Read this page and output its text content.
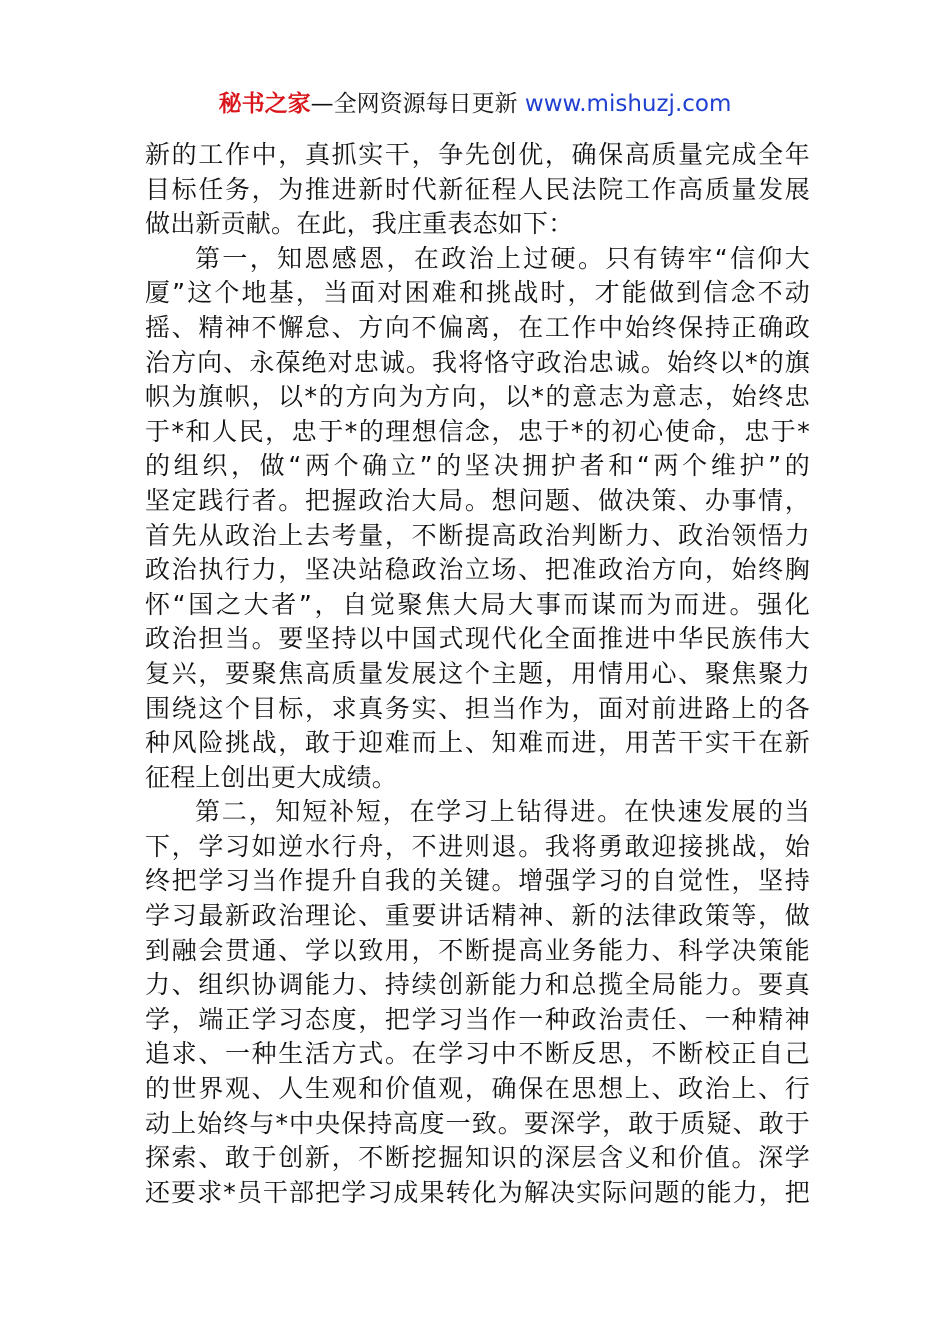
秘书之家—全网资源每日更新 www.mishuzj.com
新的工作中，真抓实干，争先创优，确保高质量完成全年
目标任务，为推进新时代新征程人民法院工作高质量发展
做出新贡献。在此，我庄重表态如下：
第一，知恩感恩，在政治上过硬。只有铸牢“信仰大
厦”这个地基，当面对困难和挑战时，才能做到信念不动
摇、精神不懈怠、方向不偏离，在工作中始终保持正确政
治方向、永葆绝对忠诚。我将恪守政治忠诚。始终以*的旗
帜为旗帜，以*的方向为方向，以*的意志为意志，始终忠
于*和人民，忠于*的理想信念，忠于*的初心使命，忠于*
的组织，做“两个确立”的坚决拥护者和“两个维护”的
坚定践行者。把握政治大局。想问题、做决策、办事情，
首先从政治上去考量，不断提高政治判断力、政治领悟力
政治执行力，坚决站稳政治立场、把准政治方向，始终胸
怀“国之大者”，自觉聚焦大局大事而谋而为而进。强化
政治担当。要坚持以中国式现代化全面推进中华民族伟大
复兴，要聚焦高质量发展这个主题，用情用心、聚焦聚力
围绕这个目标，求真务实、担当作为，面对前进路上的各
种风险挑战，敢于迎难而上、知难而进，用苦干实干在新
征程上创出更大成绩。
第二，知短补短，在学习上钻得进。在快速发展的当
下，学习如逆水行舟，不进则退。我将勇敢迎接挑战，始
终把学习当作提升自我的关键。增强学习的自觉性，坚持
学习最新政治理论、重要讲话精神、新的法律政策等，做
到融会贯通、学以致用，不断提高业务能力、科学决策能
力、组织协调能力、持续创新能力和总揽全局能力。要真
学，端正学习态度，把学习当作一种政治责任、一种精神
追求、一种生活方式。在学习中不断反思，不断校正自己
的世界观、人生观和价值观，确保在思想上、政治上、行
动上始终与*中央保持高度一致。要深学，敢于质疑、敢于
探索、敢于创新，不断挖掘知识的深层含义和价值。深学
还要求*员干部把学习成果转化为解决实际问题的能力，把
